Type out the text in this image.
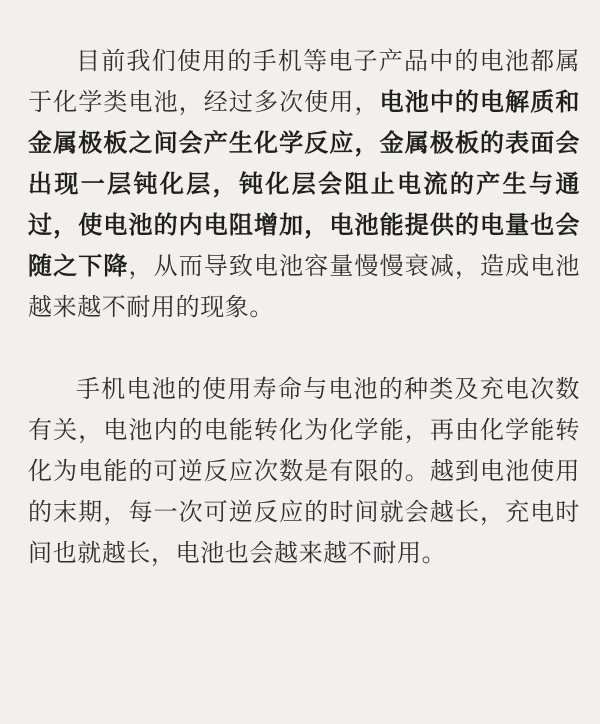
目前我们使用的手机等电子产品中的电池都属于化学类电池，经过多次使用，电池中的电解质和金属极板之间会产生化学反应，金属极板的表面会出现一层钝化层，钝化层会阻止电流的产生与通过，使电池的内电阻增加，电池能提供的电量也会随之下降，从而导致电池容量慢慢衰减，造成电池越来越不耐用的现象。

手机电池的使用寿命与电池的种类及充电次数有关，电池内的电能转化为化学能，再由化学能转化为电能的可逆反应次数是有限的。越到电池使用的末期，每一次可逆反应的时间就会越长，充电时间也就越长，电池也会越来越不耐用。
